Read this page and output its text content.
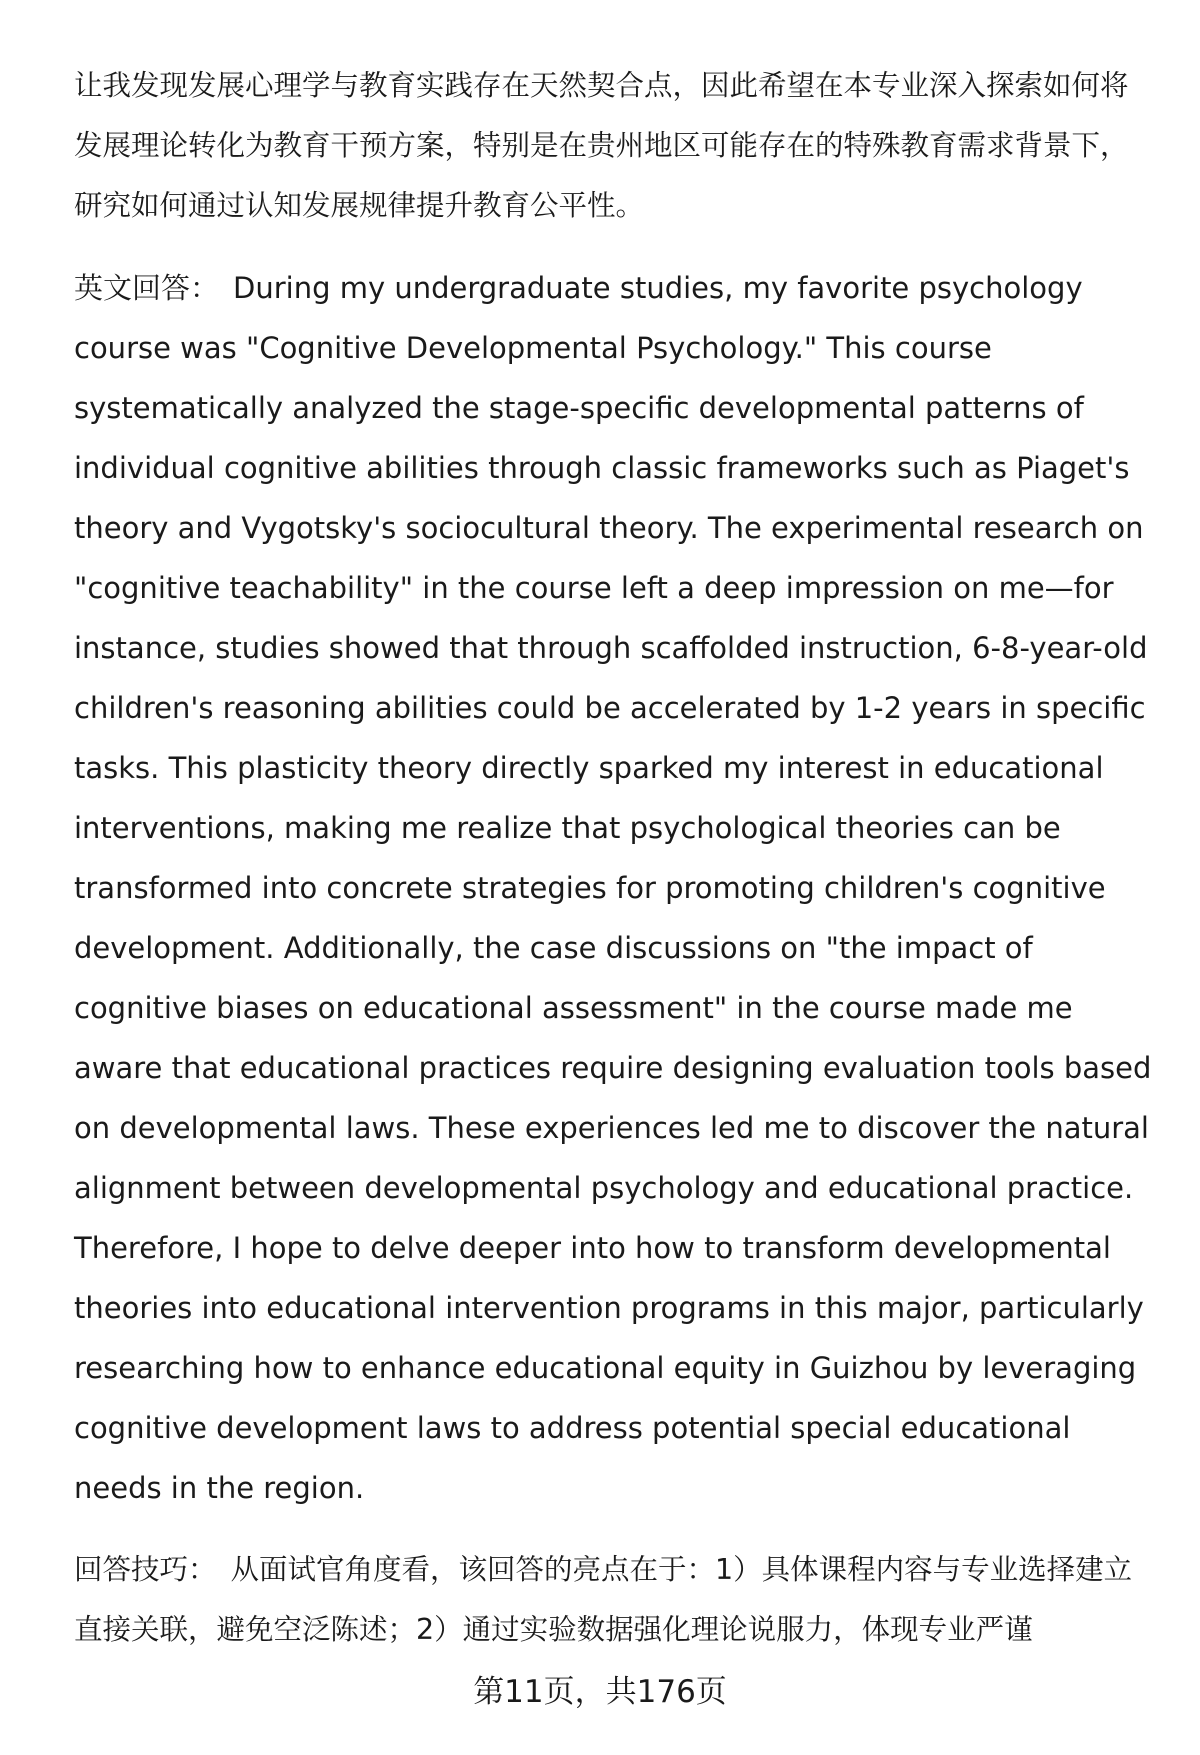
让我发现发展心理学与教育实践存在天然契合点，因此希望在本专业深入探索如何将发展理论转化为教育干预方案，特别是在贵州地区可能存在的特殊教育需求背景下，研究如何通过认知发展规律提升教育公平性。

英文回答： During my undergraduate studies, my favorite psychology course was "Cognitive Developmental Psychology." This course systematically analyzed the stage-specific developmental patterns of individual cognitive abilities through classic frameworks such as Piaget's theory and Vygotsky's sociocultural theory. The experimental research on "cognitive teachability" in the course left a deep impression on me—for instance, studies showed that through scaffolded instruction, 6-8-year-old children's reasoning abilities could be accelerated by 1-2 years in specific tasks. This plasticity theory directly sparked my interest in educational interventions, making me realize that psychological theories can be transformed into concrete strategies for promoting children's cognitive development. Additionally, the case discussions on "the impact of cognitive biases on educational assessment" in the course made me aware that educational practices require designing evaluation tools based on developmental laws. These experiences led me to discover the natural alignment between developmental psychology and educational practice. Therefore, I hope to delve deeper into how to transform developmental theories into educational intervention programs in this major, particularly researching how to enhance educational equity in Guizhou by leveraging cognitive development laws to address potential special educational needs in the region.

回答技巧： 从面试官角度看，该回答的亮点在于：1）具体课程内容与专业选择建立直接关联，避免空泛陈述；2）通过实验数据强化理论说服力，体现专业严谨

第11页，共176页
